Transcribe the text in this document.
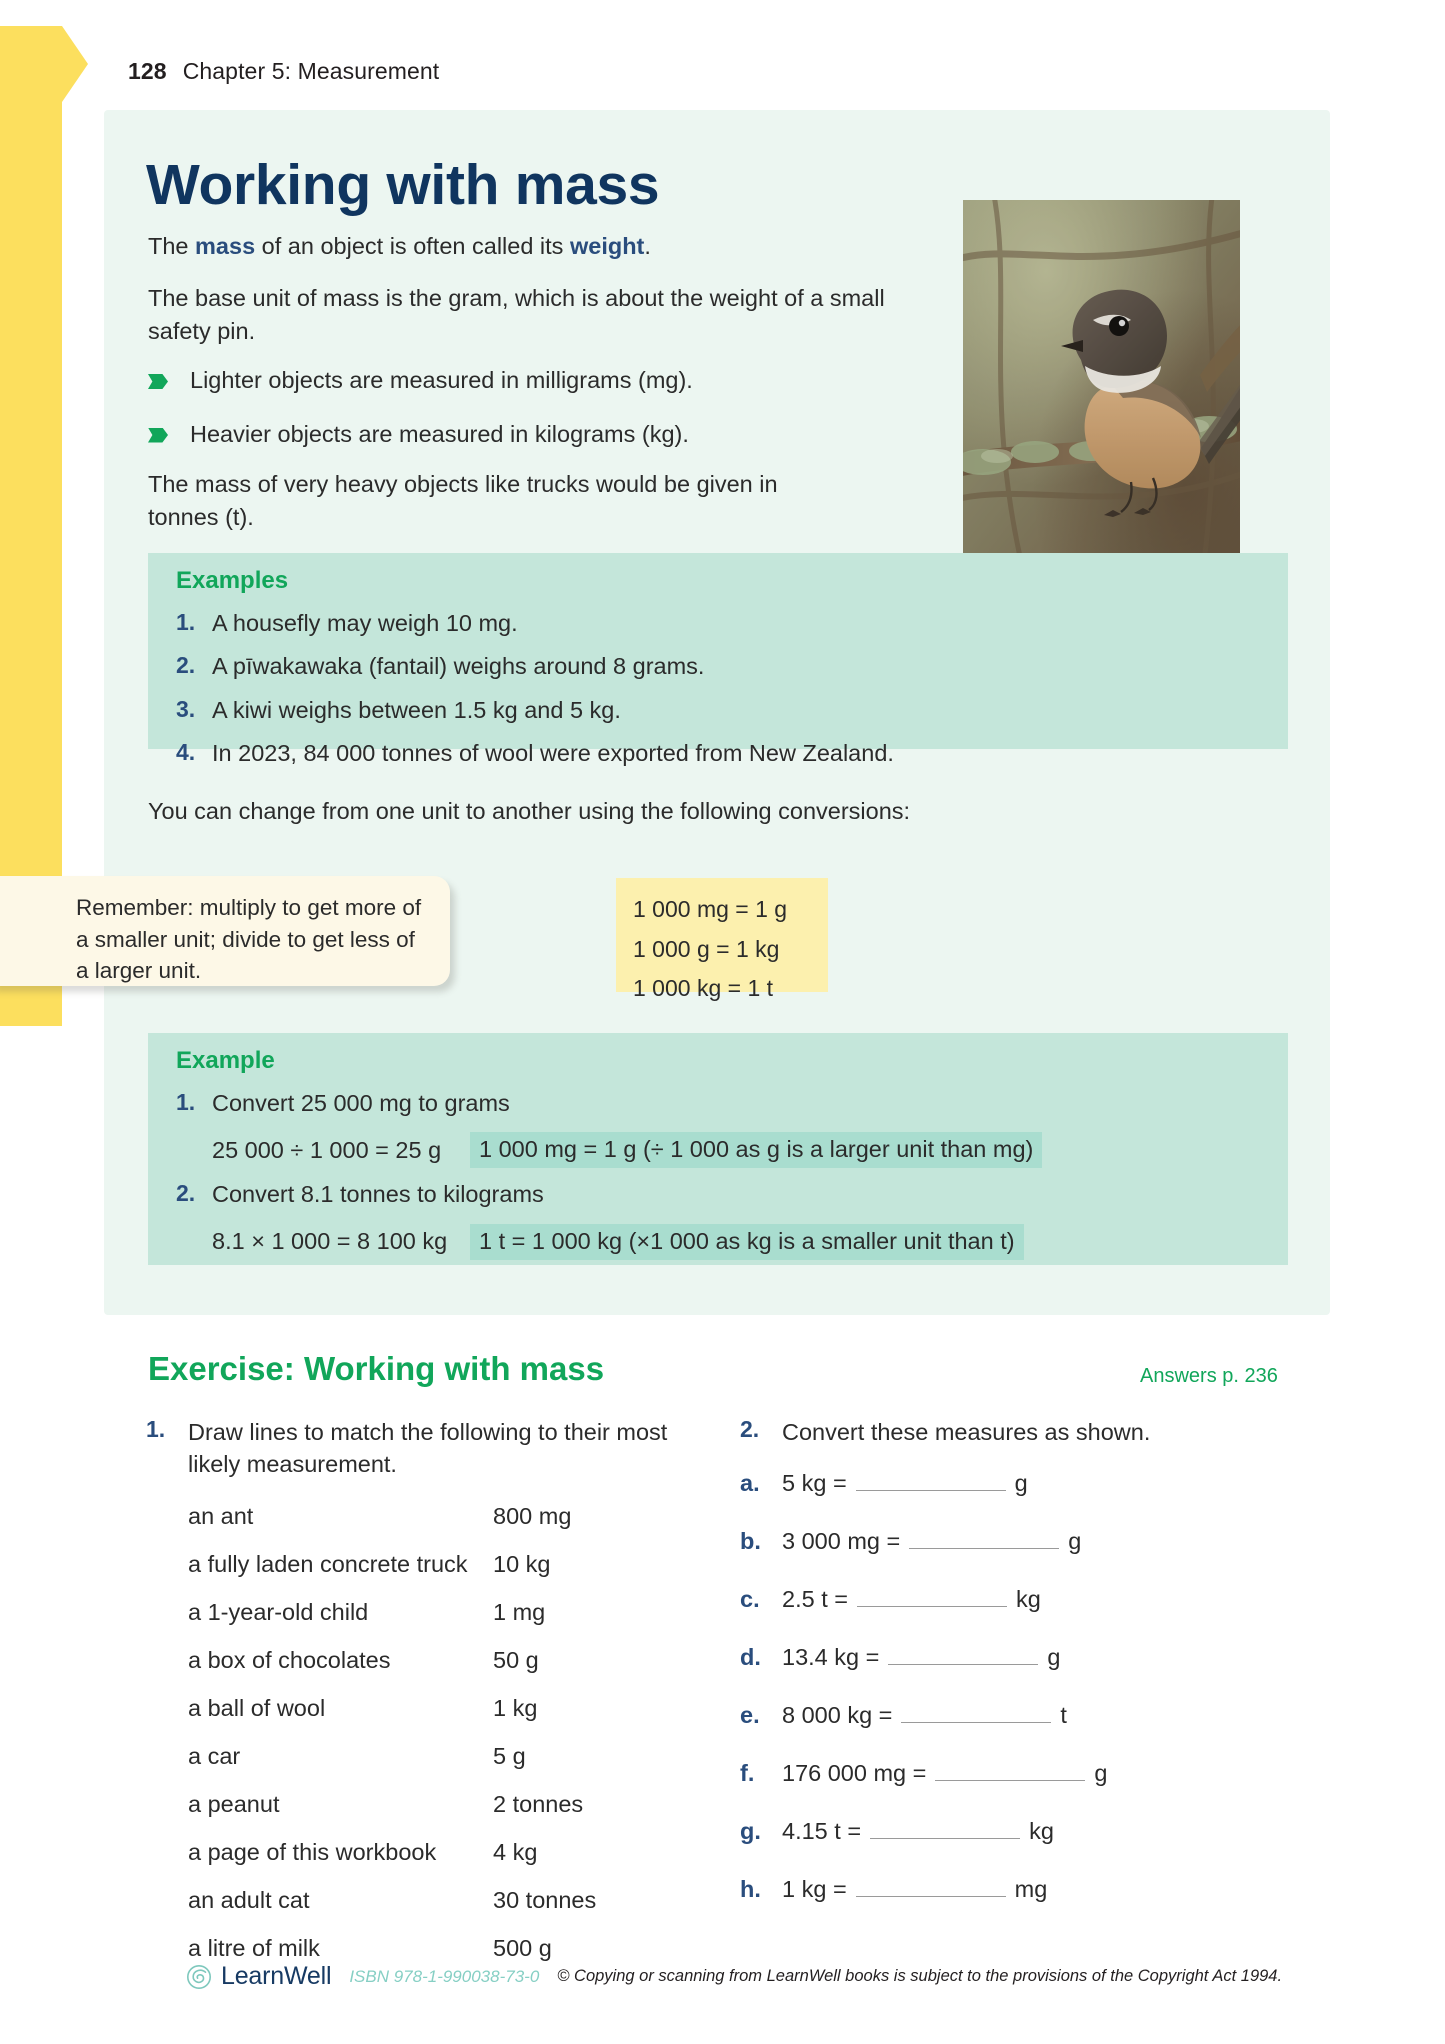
128 Chapter 5: Measurement
Working with mass
The mass of an object is often called its weight.
The base unit of mass is the gram, which is about the weight of a small safety pin.
Lighter objects are measured in milligrams (mg).
Heavier objects are measured in kilograms (kg).
The mass of very heavy objects like trucks would be given in tonnes (t).
Examples
1. A housefly may weigh 10 mg.
2. A pīwakawaka (fantail) weighs around 8 grams.
3. A kiwi weighs between 1.5 kg and 5 kg.
4. In 2023, 84 000 tonnes of wool were exported from New Zealand.
You can change from one unit to another using the following conversions:
1 000 mg = 1 g
1 000 g = 1 kg
1 000 kg = 1 t

Remember: multiply to get more of a smaller unit; divide to get less of a larger unit.

Example
1. Convert 25 000 mg to grams
25 000 ÷ 1 000 = 25 g	1 000 mg = 1 g (÷ 1 000 as g is a larger unit than mg)
2. Convert 8.1 tonnes to kilograms
8.1 × 1 000 = 8 100 kg	1 t = 1 000 kg (×1 000 as kg is a smaller unit than t)
Exercise: Working with mass	Answers p. 236
1. Draw lines to match the following to their most likely measurement.
an ant	800 mg
a fully laden concrete truck	10 kg
a 1-year-old child	1 mg
a box of chocolates	50 g
a ball of wool	1 kg
a car	5 g
a peanut	2 tonnes
a page of this workbook	4 kg
an adult cat	30 tonnes
a litre of milk	500 g
2. Convert these measures as shown.
a. 5 kg =	g
b. 3 000 mg =	g
c. 2.5 t =	kg
d. 13.4 kg =	g
e. 8 000 kg =	t
f.	176 000 mg =	g
g. 4.15 t =	kg
h. 1 kg =	mg
LearnWell ISBN 978-1-990038-73-0 © Copying or scanning from LearnWell books is subject to the provisions of the Copyright Act 1994.
